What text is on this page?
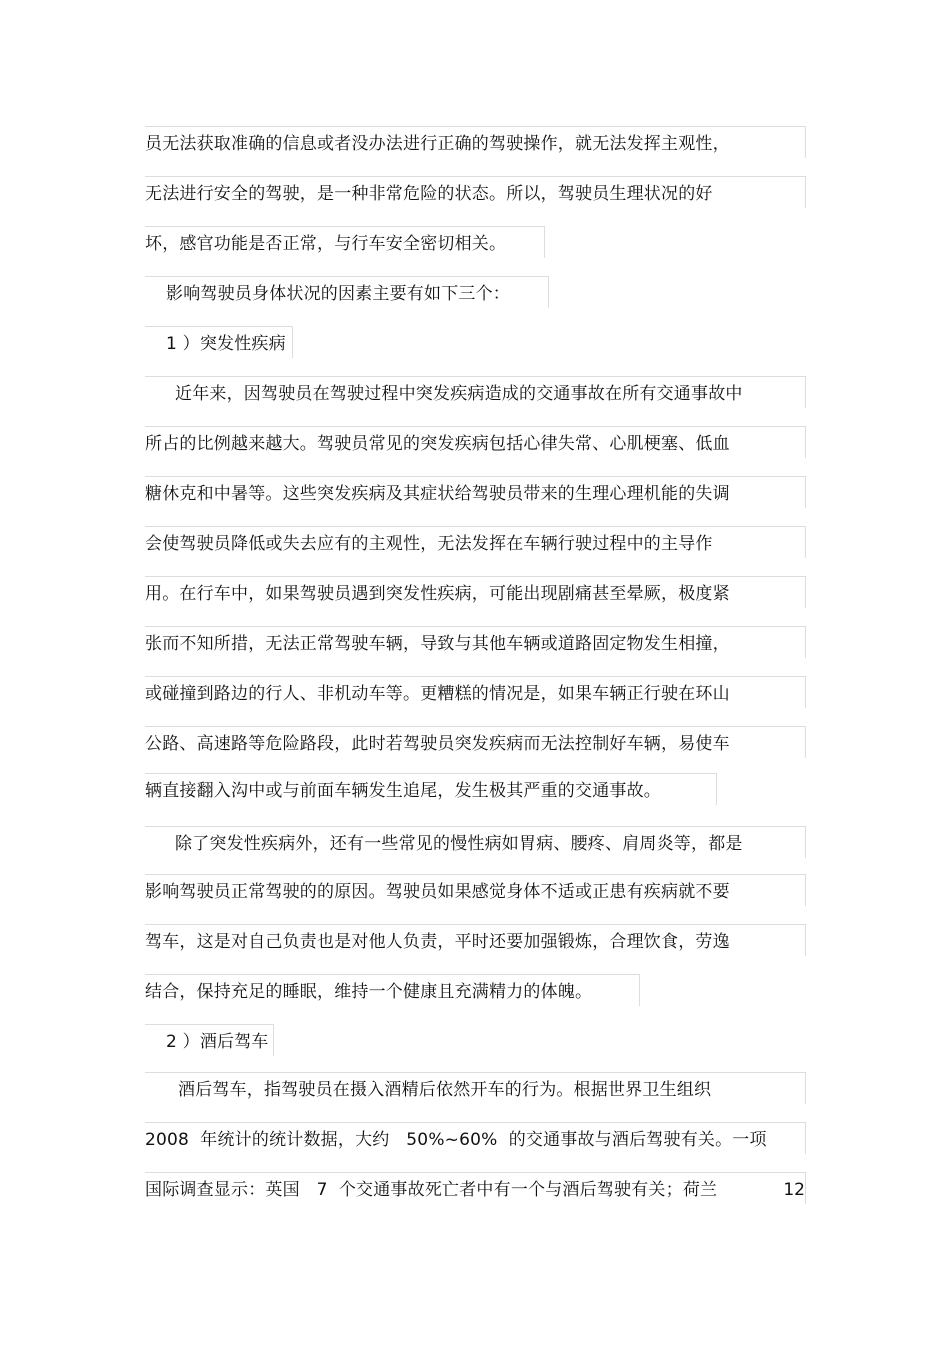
员无法获取准确的信息或者没办法进行正确的驾驶操作，就无法发挥主观性，
无法进行安全的驾驶，是一种非常危险的状态。所以，驾驶员生理状况的好
坏，感官功能是否正常，与行车安全密切相关。
影响驾驶员身体状况的因素主要有如下三个：
1 ）突发性疾病
近年来，因驾驶员在驾驶过程中突发疾病造成的交通事故在所有交通事故中
所占的比例越来越大。驾驶员常见的突发疾病包括心律失常、心肌梗塞、低血
糖休克和中暑等。这些突发疾病及其症状给驾驶员带来的生理心理机能的失调
会使驾驶员降低或失去应有的主观性，无法发挥在车辆行驶过程中的主导作
用。在行车中，如果驾驶员遇到突发性疾病，可能出现剧痛甚至晕厥，极度紧
张而不知所措，无法正常驾驶车辆，导致与其他车辆或道路固定物发生相撞，
或碰撞到路边的行人、非机动车等。更糟糕的情况是，如果车辆正行驶在环山
公路、高速路等危险路段，此时若驾驶员突发疾病而无法控制好车辆，易使车
辆直接翻入沟中或与前面车辆发生追尾，发生极其严重的交通事故。
除了突发性疾病外，还有一些常见的慢性病如胃病、腰疼、肩周炎等，都是
影响驾驶员正常驾驶的的原因。驾驶员如果感觉身体不适或正患有疾病就不要
驾车，这是对自己负责也是对他人负责，平时还要加强锻炼，合理饮食，劳逸
结合，保持充足的睡眠，维持一个健康且充满精力的体魄。
2 ）酒后驾车
酒后驾车，指驾驶员在摄入酒精后依然开车的行为。根据世界卫生组织
2008  年统计的统计数据，大约   50%~60%  的交通事故与酒后驾驶有关。一项
国际调查显示：英国   7  个交通事故死亡者中有一个与酒后驾驶有关；荷兰	12
